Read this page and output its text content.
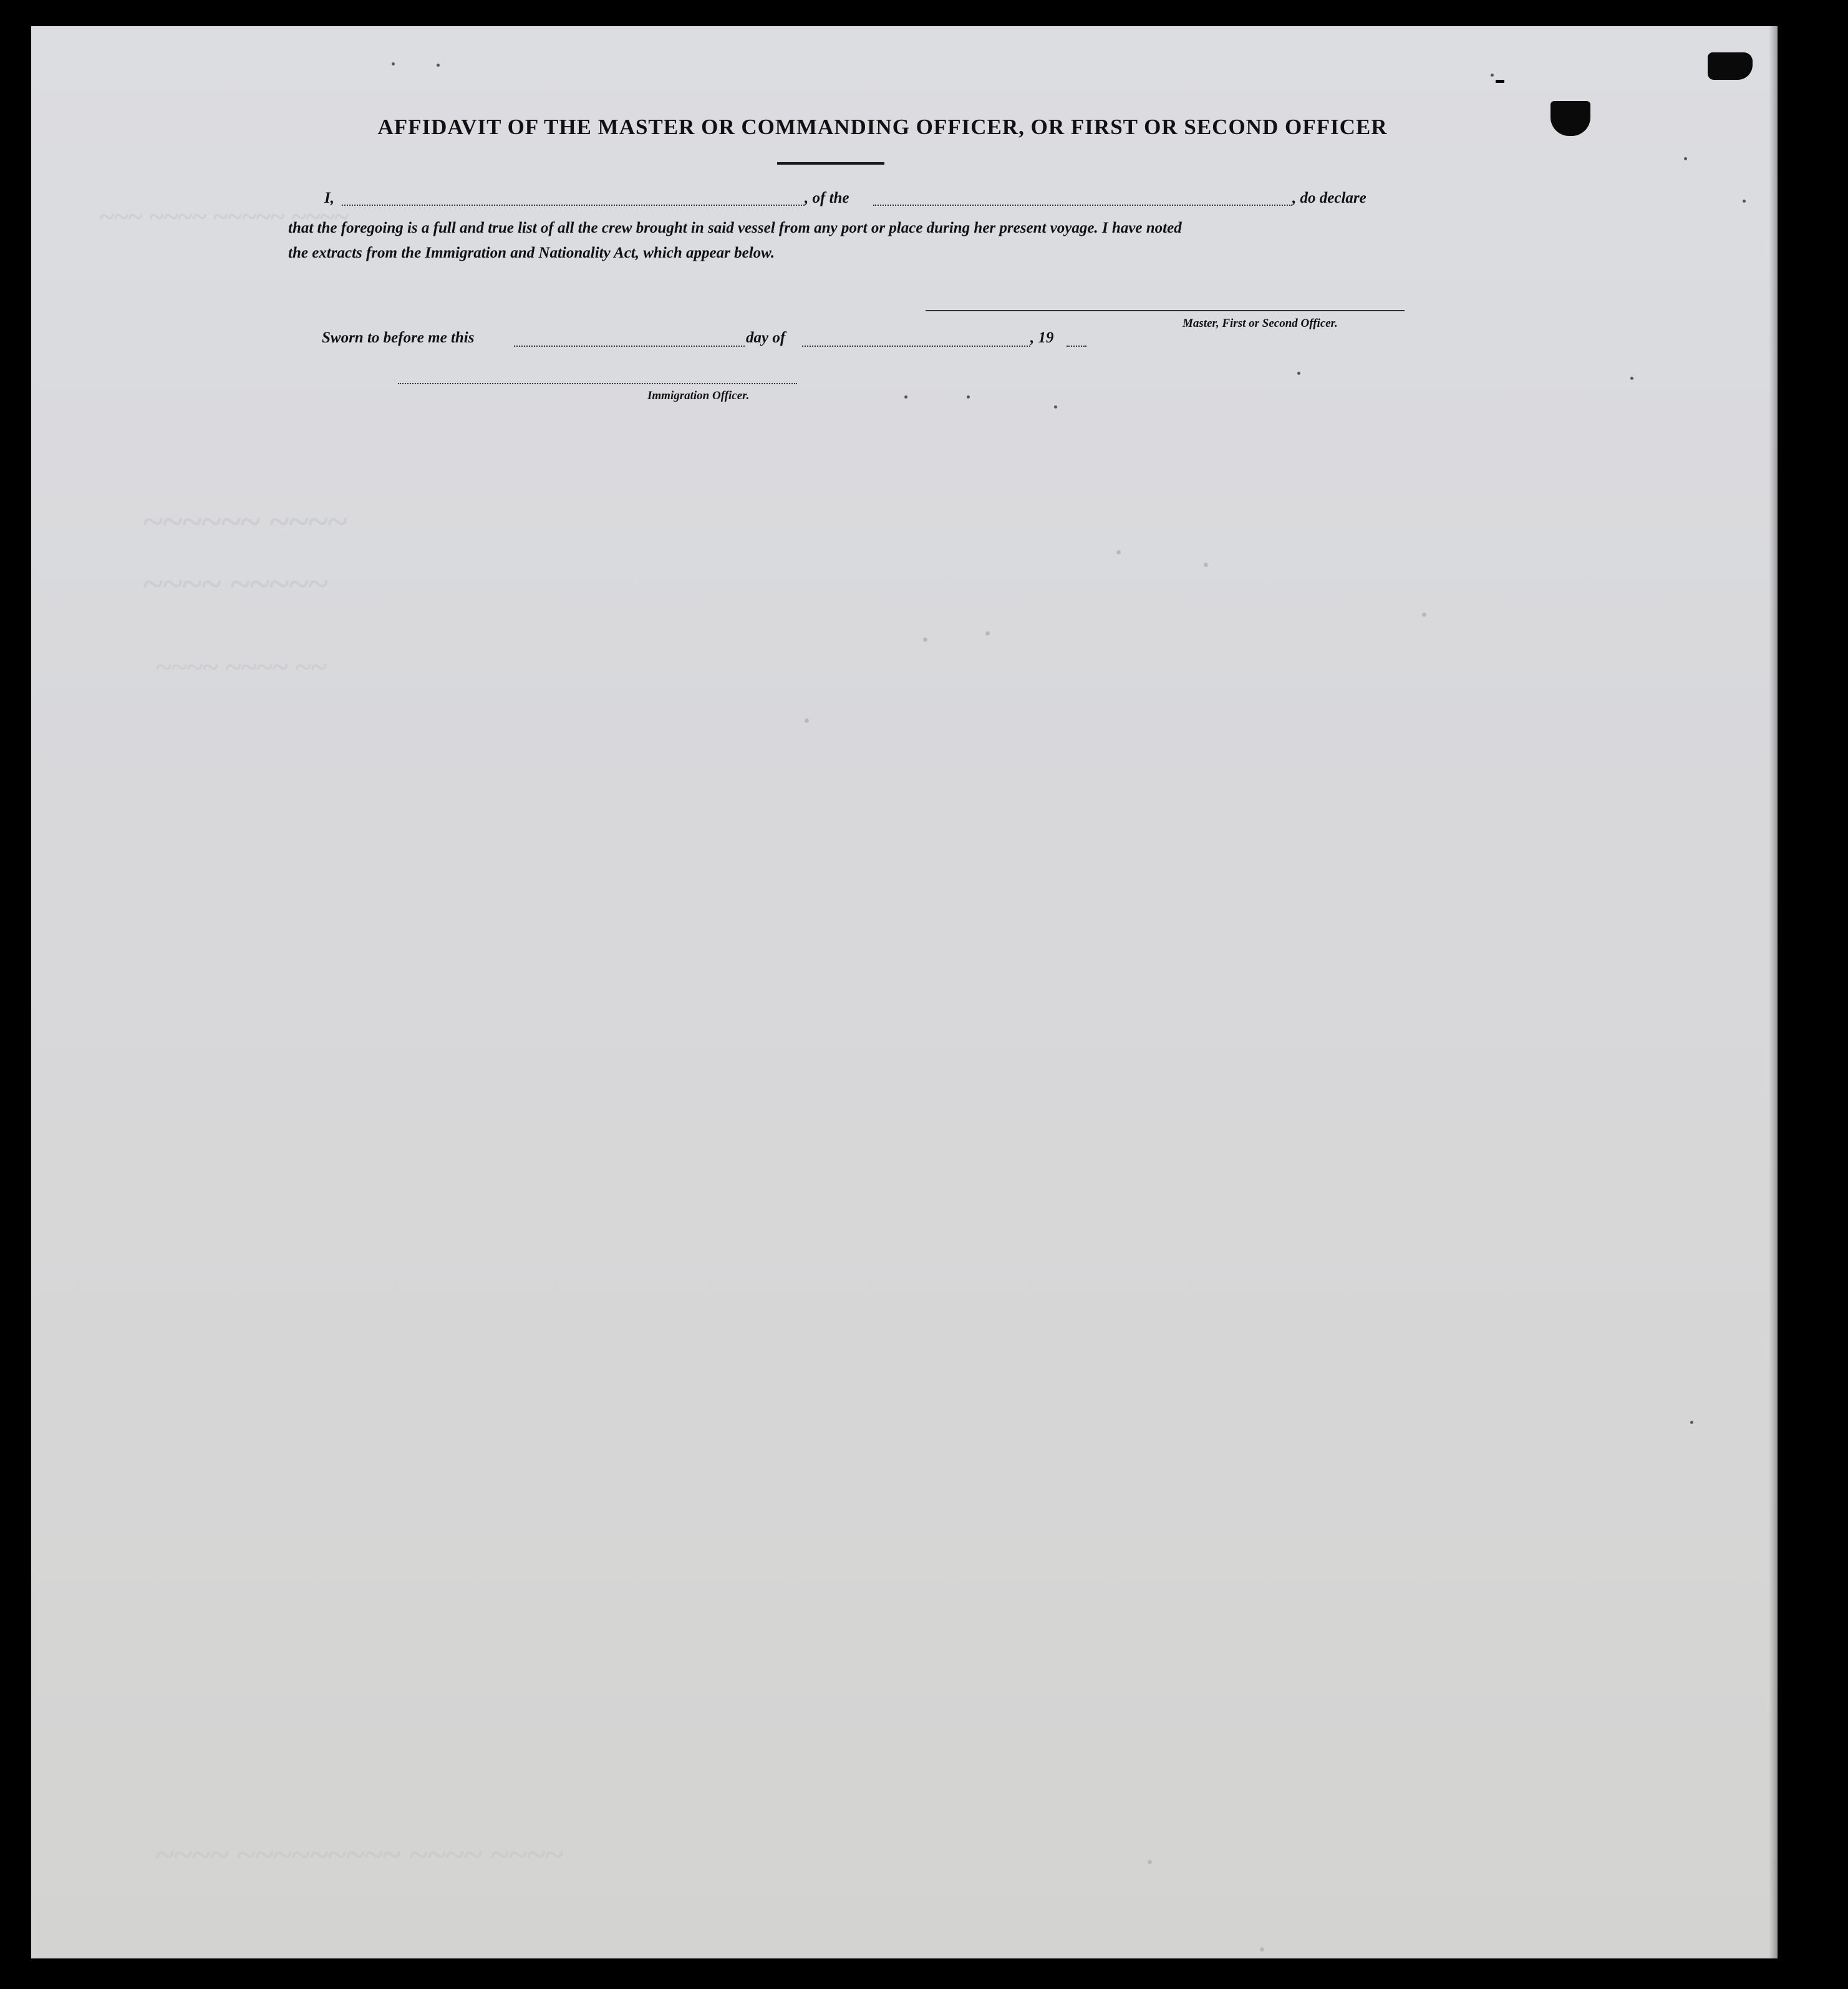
~~~ ~~~~ ~~~~~ ~~~~
~~~~~~ ~~~~
~~~~ ~~~~~
~~~~ ~~~~ ~~
~~~~ ~~~~~~~~~ ~~~~ ~~~~
AFFIDAVIT OF THE MASTER OR COMMANDING OFFICER, OR FIRST OR SECOND OFFICER
I,	, of the	, do declare
that the foregoing is a full and true list of all the crew brought in said vessel from any port or place during her present voyage. I have noted
the extracts from the Immigration and Nationality Act, which appear below.
Master, First or Second Officer.
Sworn to before me this	day of	, 19
Immigration Officer.
